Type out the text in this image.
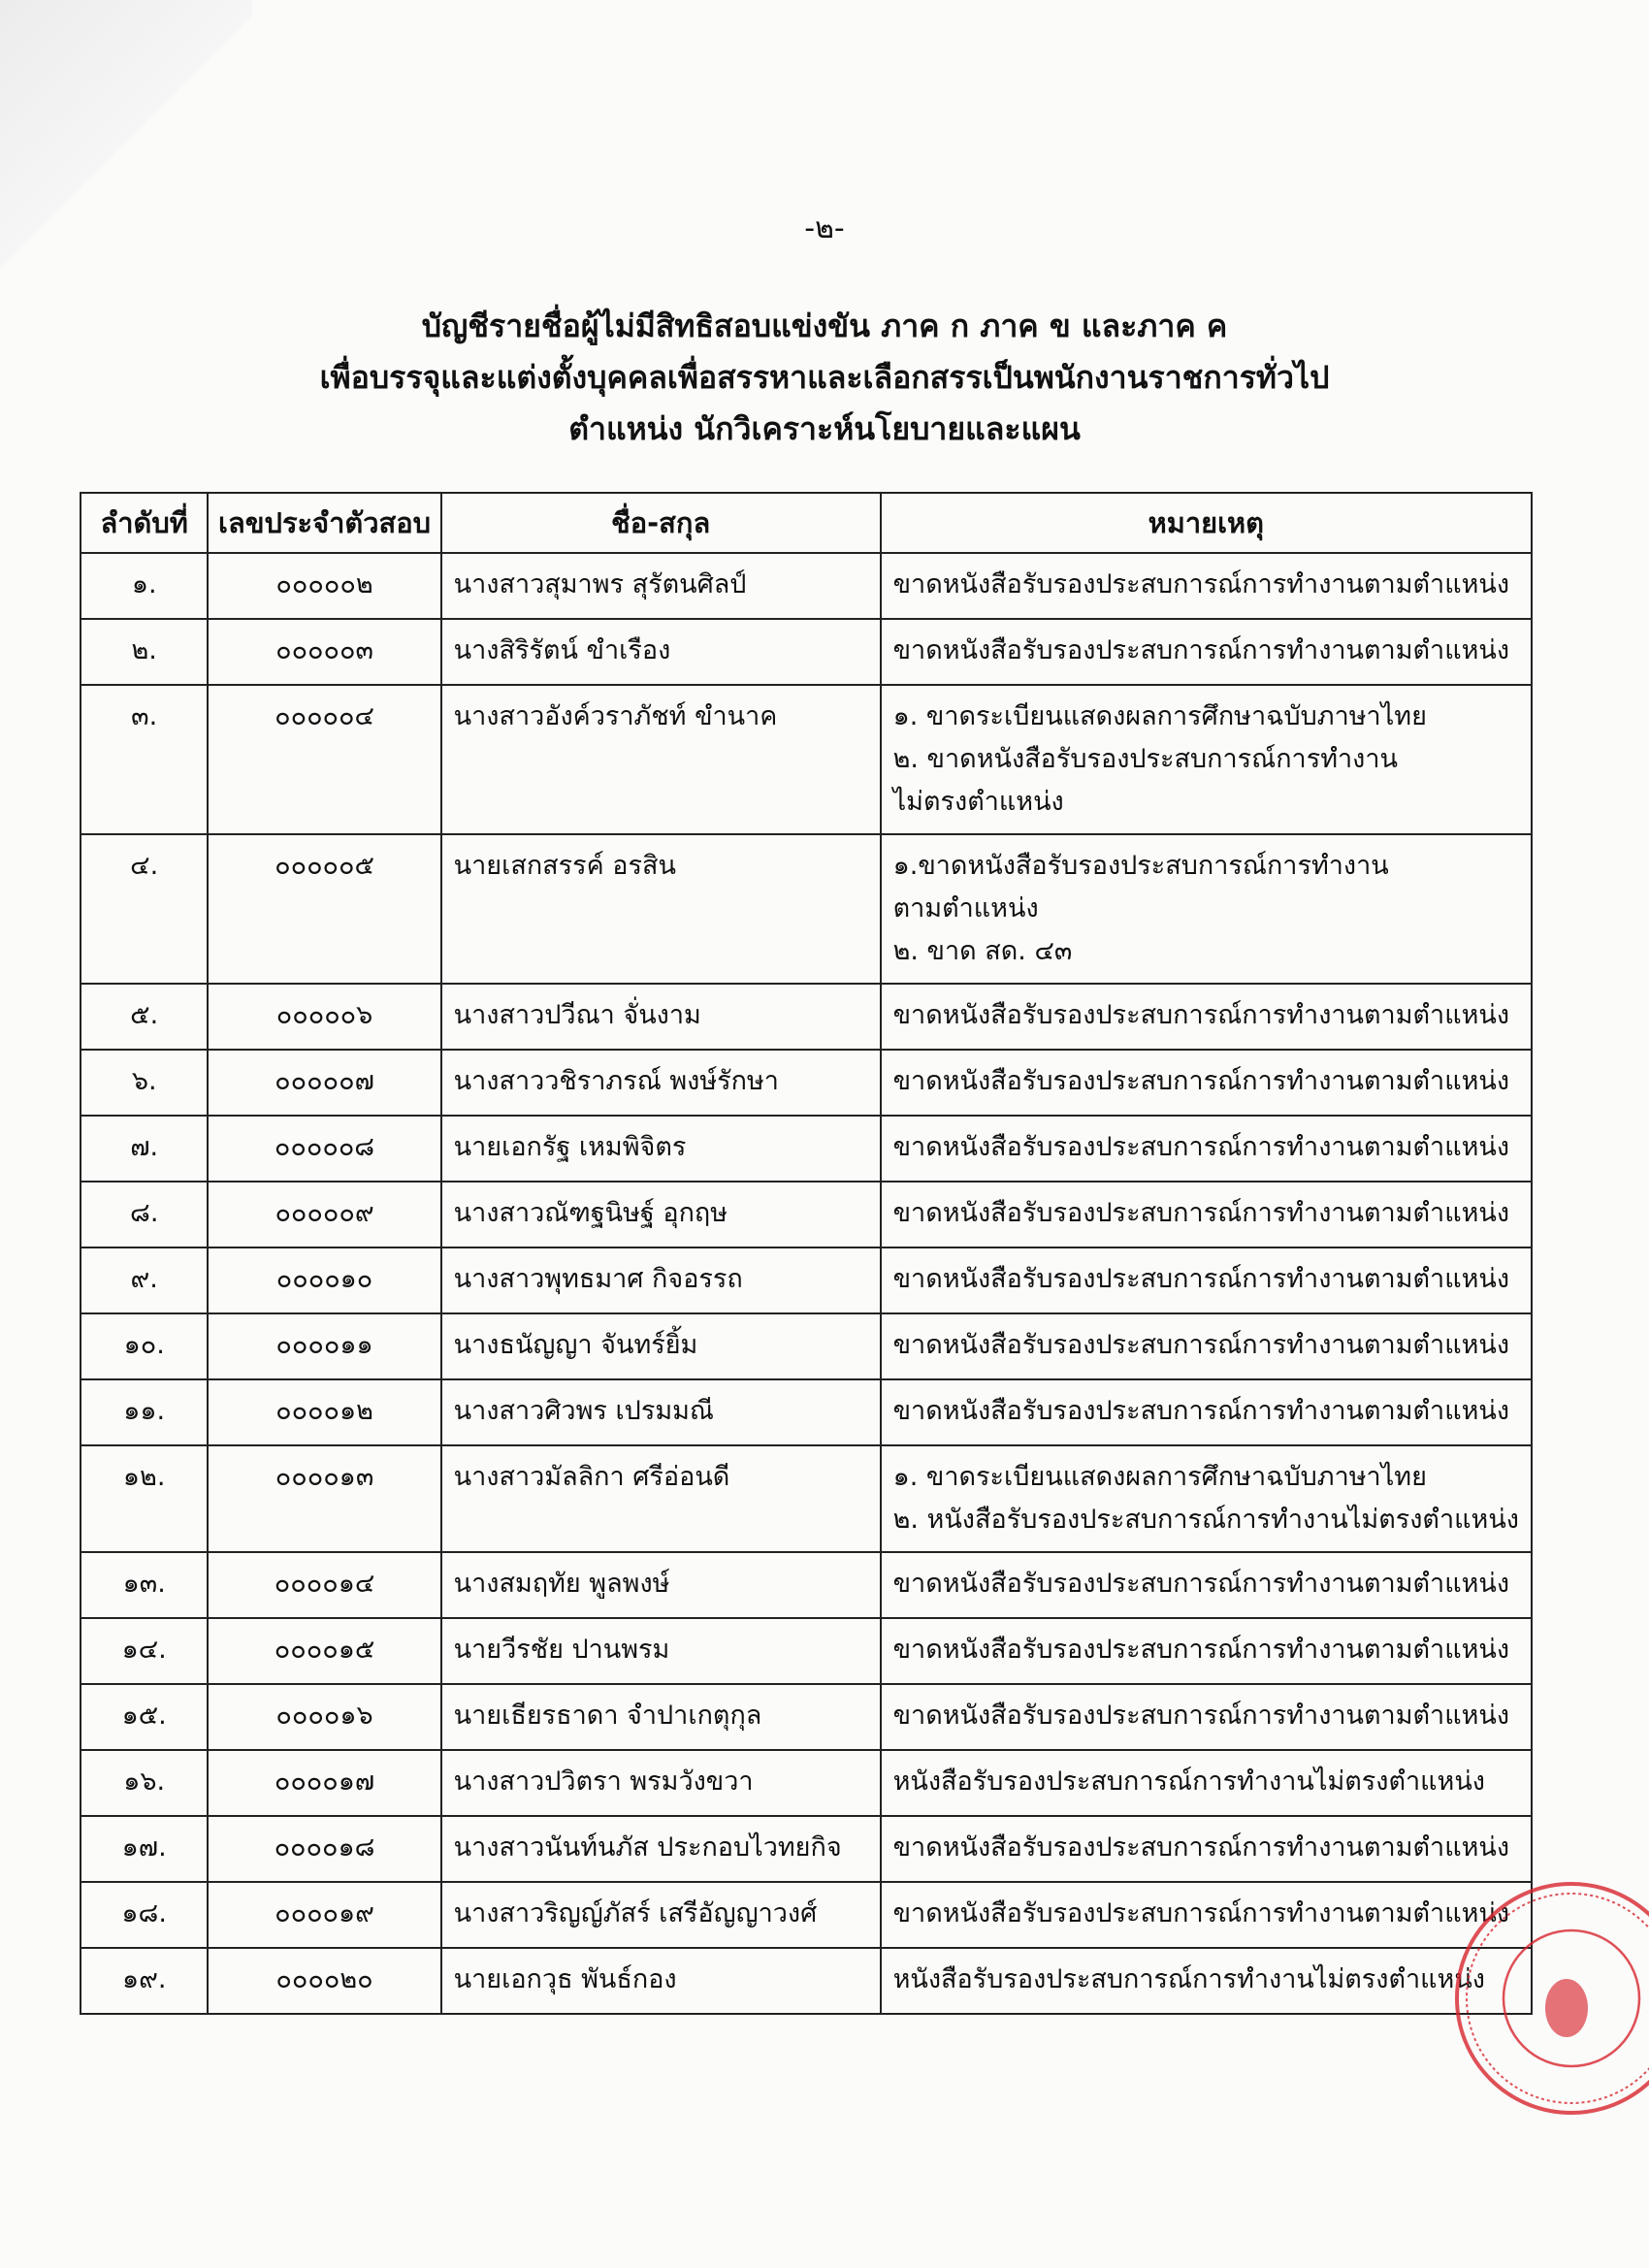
-๒-
บัญชีรายชื่อผู้ไม่มีสิทธิสอบแข่งขัน ภาค ก ภาค ข และภาค ค
เพื่อบรรจุและแต่งตั้งบุคคลเพื่อสรรหาและเลือกสรรเป็นพนักงานราชการทั่วไป
ตำแหน่ง นักวิเคราะห์นโยบายและแผน
ลำดับที่	เลขประจำตัวสอบ	ชื่อ-สกุล	หมายเหตุ
๑.	๐๐๐๐๐๒	นางสาวสุมาพร สุรัตนศิลป์	ขาดหนังสือรับรองประสบการณ์การทำงานตามตำแหน่ง

๒.	๐๐๐๐๐๓	นางสิริรัตน์ ขำเรือง	ขาดหนังสือรับรองประสบการณ์การทำงานตามตำแหน่ง

๓.	๐๐๐๐๐๔	นางสาวอังค์วราภัชท์ ขำนาค	๑. ขาดระเบียนแสดงผลการศึกษาฉบับภาษาไทย
๒. ขาดหนังสือรับรองประสบการณ์การทำงาน
ไม่ตรงตำแหน่ง

๔.	๐๐๐๐๐๕	นายเสกสรรค์ อรสิน	๑.ขาดหนังสือรับรองประสบการณ์การทำงาน
ตามตำแหน่ง
๒. ขาด สด. ๔๓

๕.	๐๐๐๐๐๖	นางสาวปวีณา จั่นงาม	ขาดหนังสือรับรองประสบการณ์การทำงานตามตำแหน่ง

๖.	๐๐๐๐๐๗	นางสาววชิราภรณ์ พงษ์รักษา	ขาดหนังสือรับรองประสบการณ์การทำงานตามตำแหน่ง

๗.	๐๐๐๐๐๘	นายเอกรัฐ เหมพิจิตร	ขาดหนังสือรับรองประสบการณ์การทำงานตามตำแหน่ง

๘.	๐๐๐๐๐๙	นางสาวณัฑฐนิษฐ์ อุกฤษ	ขาดหนังสือรับรองประสบการณ์การทำงานตามตำแหน่ง

๙.	๐๐๐๐๑๐	นางสาวพุทธมาศ กิจอรรถ	ขาดหนังสือรับรองประสบการณ์การทำงานตามตำแหน่ง

๑๐.	๐๐๐๐๑๑	นางธนัญญา จันทร์ยิ้ม	ขาดหนังสือรับรองประสบการณ์การทำงานตามตำแหน่ง

๑๑.	๐๐๐๐๑๒	นางสาวศิวพร เปรมมณี	ขาดหนังสือรับรองประสบการณ์การทำงานตามตำแหน่ง

๑๒.	๐๐๐๐๑๓	นางสาวมัลลิกา ศรีอ่อนดี	๑. ขาดระเบียนแสดงผลการศึกษาฉบับภาษาไทย
๒. หนังสือรับรองประสบการณ์การทำงานไม่ตรงตำแหน่ง

๑๓.	๐๐๐๐๑๔	นางสมฤทัย พูลพงษ์	ขาดหนังสือรับรองประสบการณ์การทำงานตามตำแหน่ง

๑๔.	๐๐๐๐๑๕	นายวีรชัย ปานพรม	ขาดหนังสือรับรองประสบการณ์การทำงานตามตำแหน่ง

๑๕.	๐๐๐๐๑๖	นายเธียรธาดา จำปาเกตุกุล	ขาดหนังสือรับรองประสบการณ์การทำงานตามตำแหน่ง

๑๖.	๐๐๐๐๑๗	นางสาวปวิตรา พรมวังขวา	หนังสือรับรองประสบการณ์การทำงานไม่ตรงตำแหน่ง

๑๗.	๐๐๐๐๑๘	นางสาวนันท์นภัส ประกอบไวทยกิจ	ขาดหนังสือรับรองประสบการณ์การทำงานตามตำแหน่ง

๑๘.	๐๐๐๐๑๙	นางสาวริญญ์ภัสร์ เสรีอัญญาวงศ์	ขาดหนังสือรับรองประสบการณ์การทำงานตามตำแหน่ง

๑๙.	๐๐๐๐๒๐	นายเอกวุธ พันธ์กอง	หนังสือรับรองประสบการณ์การทำงานไม่ตรงตำแหน่ง
